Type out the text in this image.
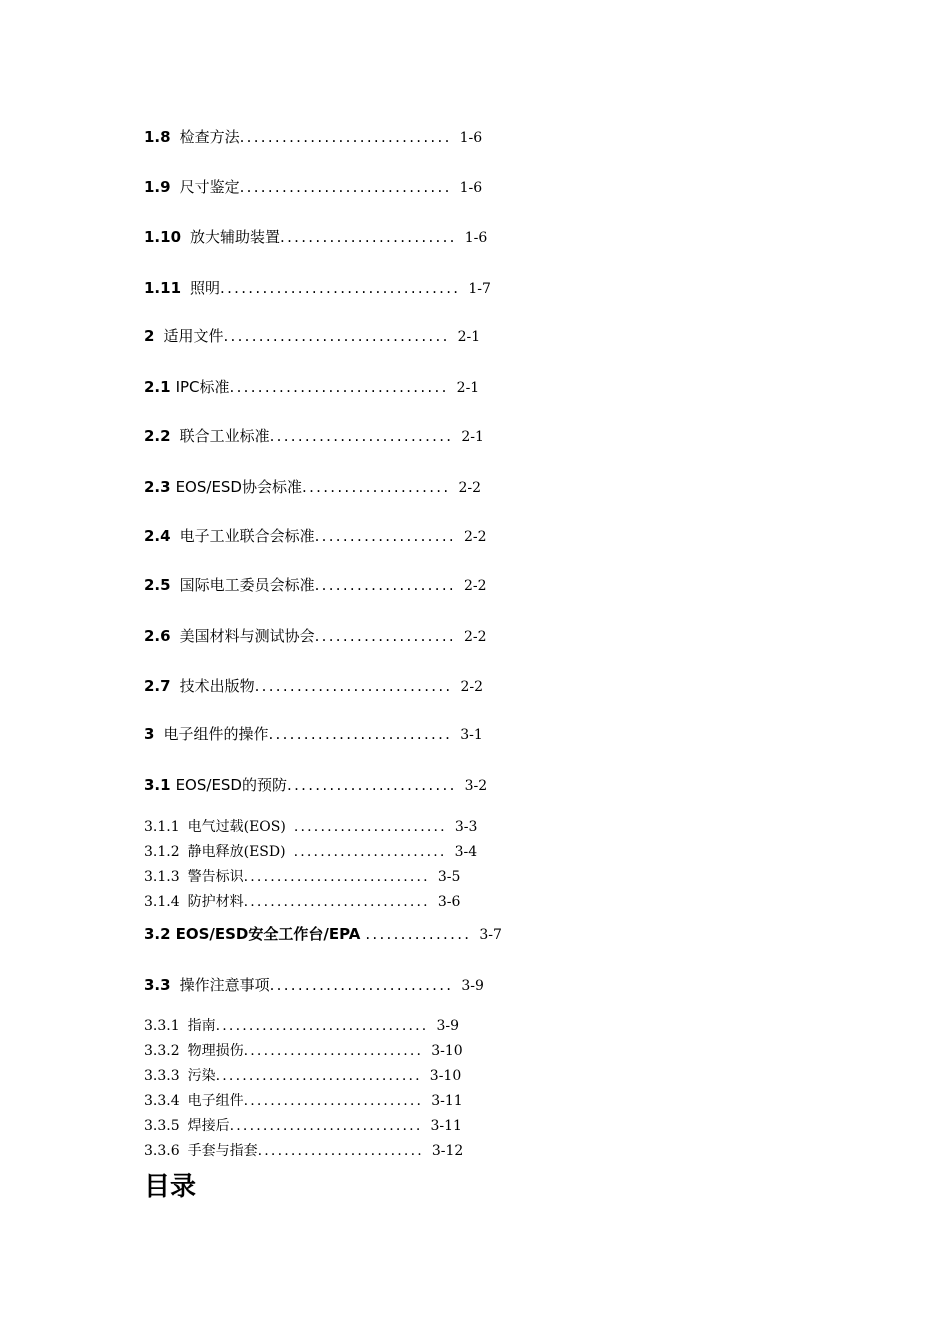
1.8 检查方法 .............................. 1-6
1.9 尺寸鉴定 .............................. 1-6
1.10 放大辅助装置 ......................... 1-6
1.11 照明 .................................. 1-7
2 适用文件 ................................ 2-1
2.1 IPC标准 ............................... 2-1
2.2 联合工业标准 .......................... 2-1
2.3 EOS/ESD协会标准 ..................... 2-2
2.4 电子工业联合会标准 .................... 2-2
2.5 国际电工委员会标准 .................... 2-2
2.6 美国材料与测试协会 .................... 2-2
2.7 技术出版物 ............................ 2-2
3 电子组件的操作 .......................... 3-1
3.1 EOS/ESD的预防 ........................ 3-2
3.1.1 电气过载(EOS) ....................... 3-3
3.1.2 静电释放(ESD) ....................... 3-4
3.1.3 警告标识 ............................ 3-5
3.1.4 防护材料 ............................ 3-6
3.2 EOS/ESD安全工作台/EPA ............... 3-7
3.3 操作注意事项 .......................... 3-9
3.3.1 指南 ................................ 3-9
3.3.2 物理损伤 ........................... 3-10
3.3.3 污染 ............................... 3-10
3.3.4 电子组件 ........................... 3-11
3.3.5 焊接后 ............................. 3-11
3.3.6 手套与指套 ......................... 3-12
目录
